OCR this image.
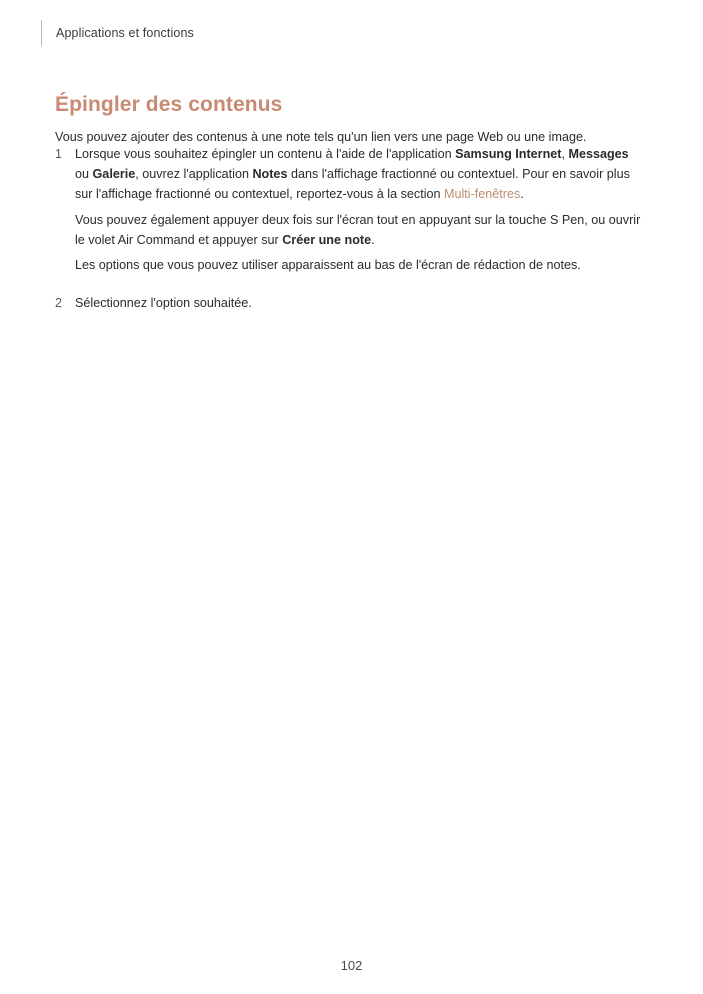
Applications et fonctions
Épingler des contenus

Vous pouvez ajouter des contenus à une note tels qu'un lien vers une page Web ou une image.

1 Lorsque vous souhaitez épingler un contenu à l'aide de l'application Samsung Internet, Messages ou Galerie, ouvrez l'application Notes dans l'affichage fractionné ou contextuel. Pour en savoir plus sur l'affichage fractionné ou contextuel, reportez-vous à la section Multi-fenêtres.

Vous pouvez également appuyer deux fois sur l'écran tout en appuyant sur la touche S Pen, ou ouvrir le volet Air Command et appuyer sur Créer une note.

Les options que vous pouvez utiliser apparaissent au bas de l'écran de rédaction de notes.

2 Sélectionnez l'option souhaitée.

102
